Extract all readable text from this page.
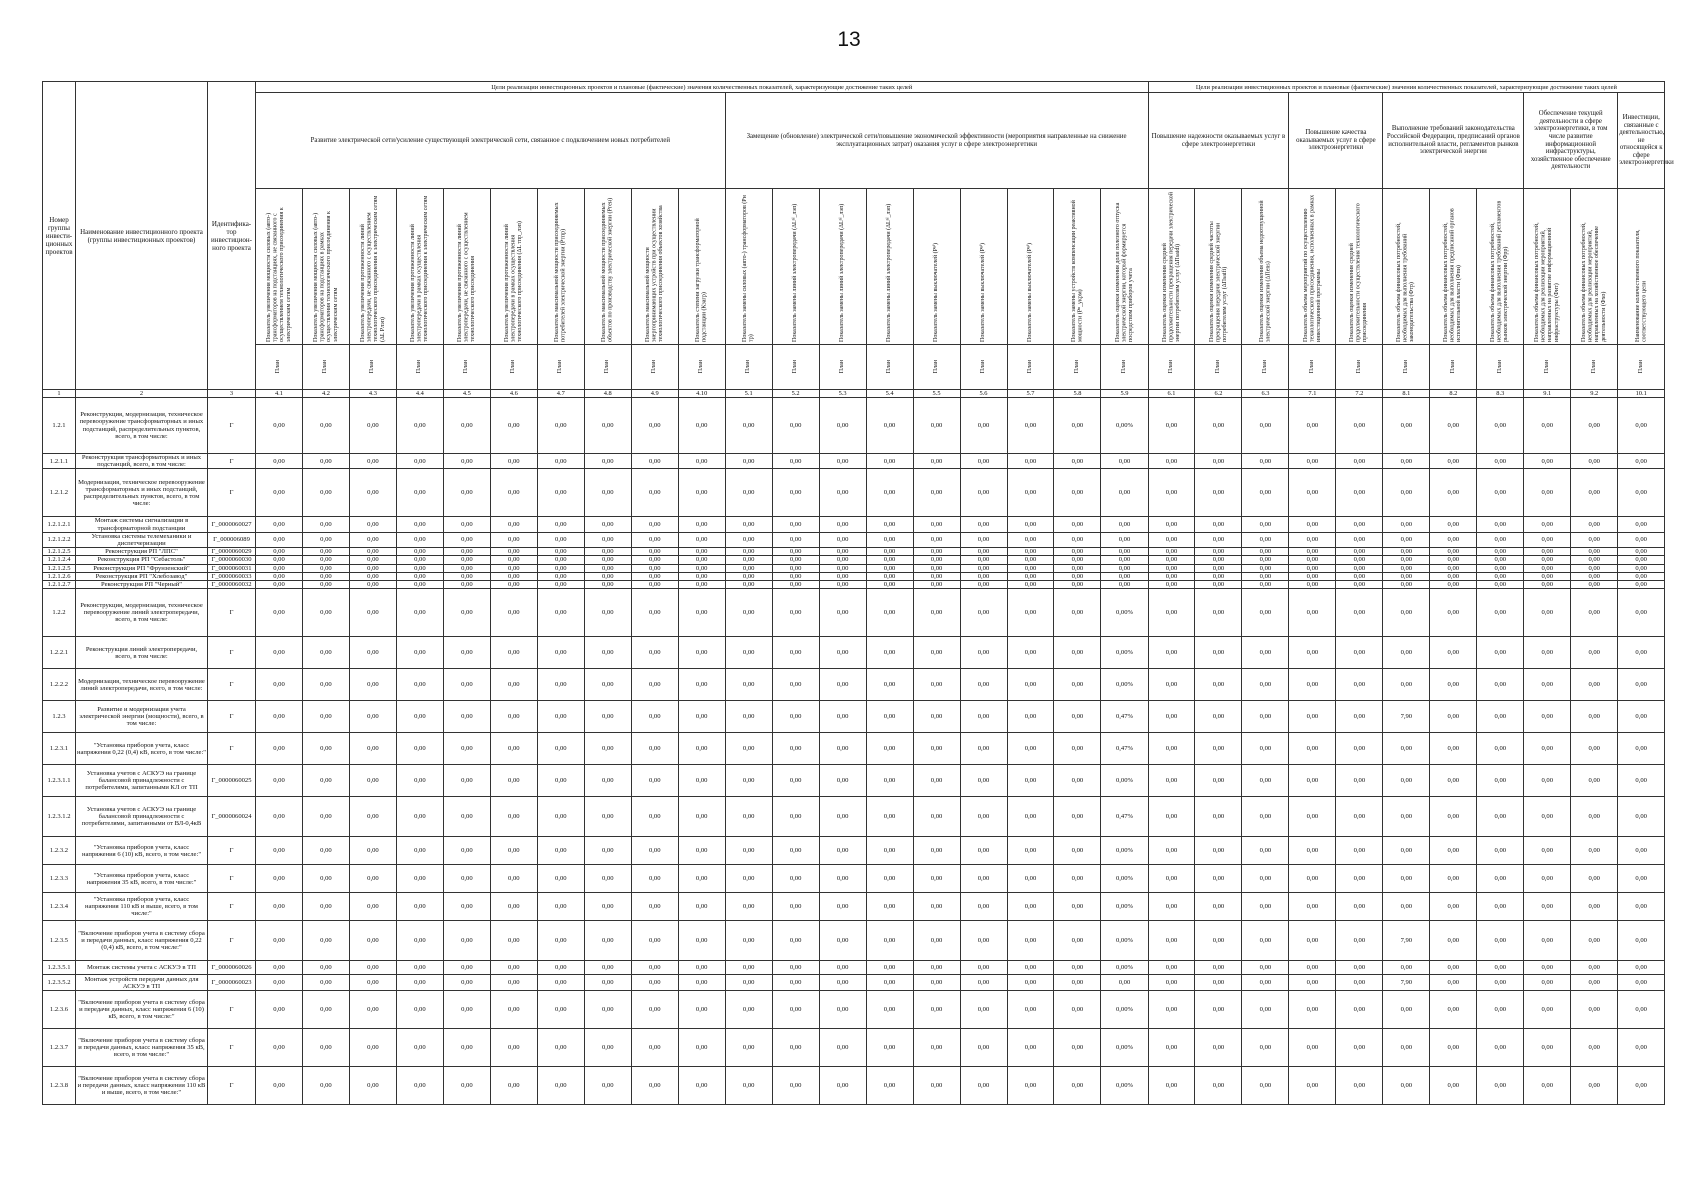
13
Номер группы инвести-ционных проектов	Наименование инвестиционного проекта (группы инвестиционных проектов)	Идентифика-тор инвестицион-ного проекта	Цели реализации инвестиционных проектов и плановые (фактические) значения количественных показателей, характеризующие достижение таких целей																			Цели реализации инвестиционных проектов и плановые (фактические) значения количественных показателей, характеризующие достижение таких целей										
			Развитие электрической сети/усиление существующей электрической сети, связанное с подключением новых потребителей										Замещение (обновление) электрической сети/повышение экономической эффективности (мероприятия направленные на снижение эксплуатационных затрат) оказания услуг в сфере электроэнергетики									Повышение надежности оказываемых услуг в сфере электроэнергетики			Повышение качества оказываемых услуг в сфере электроэнергетики		Выполнение требований законодательства Российской Федерации, предписаний органов исполнительной власти, регламентов рынков электрической энергии			Обеспечение текущей деятельности в сфере электроэнергетики, в том числе развитие информационной инфраструктуры, хозяйственное обеспечение деятельности		Инвестиции, связанные с деятельностью, не относящейся к сфере электроэнергетики

			Показатель увеличения мощности силовых (авто-) трансформаторов на подстанциях, не связанного с осуществлением технологического присоединения к электрическим сетям	Показатель увеличения мощности силовых (авто-) трансформаторов на подстанциях в рамках осуществления технологического присоединения к электрическим сетям	Показатель увеличения протяженности линий электропередачи, не связанного с осуществлением технологического присоединения к электрическим сетям (ΔL Рлэп)	Показатель увеличения протяженности линий электропередачи в рамках осуществления технологического присоединения к электрическим сетям	Показатель увеличения протяженности линий электропередачи, не связанного с осуществлением технологического присоединения	Показатель увеличения протяженности линий электропередачи в рамках осуществления технологического присоединения (ΔL тпр_лэп)	Показатель максимальной мощности присоединяемых потребителей электрической энергии (Ртпр)	Показатель максимальной мощности присоединяемых объектов по производству электрической энергии (Рген)	Показатель максимальной мощности энергопринимающих устройств при осуществлении технологического присоединения объектов хозяйства	Показатель степени загрузки трансформаторной подстанции (Кзагр)	Показатель замены силовых (авто-) трансформаторов (Рн тр)	Показатель замены линий электропередачи (ΔLⁿˡ_лэп)	Показатель замены линий электропередачи (ΔLⁿˡ_лэп)	Показатель замены линий электропередачи (ΔLⁿˡ_лэп)	Показатель замены выключателей (Рⁿⁱ)	Показатель замены выключателей (Рⁿⁱ)	Показатель замены выключателей (Рⁿⁱ)	Показатель замены устройств компенсации реактивной мощности (Рⁿ_укрм)	Показатель оценки изменения доли полезного отпуска электрической энергии, который формируется посредством приборов учета	Показатель оценки изменения средней продолжительности прекращения передачи электрической энергии потребителям услуг (ΔПsaidi)	Показатель оценки изменения средней частоты прекращения передачи электрической энергии потребителям услуг (ΔПsaifi)	Показатель оценки изменения объема недоотпущенной электрической энергии (ΔПens)	Показатель объема мероприятий по осуществлению технологического присоединения, исполненных в рамках инвестиционной программы	Показатель оценки изменения средней продолжительности осуществления технологического присоединения	Показатель объема финансовых потребностей, необходимых для выполнения требований законодательства (Фтр)	Показатель объема финансовых потребностей, необходимых для выполнения предписаний органов исполнительной власти (Фпи)	Показатель объема финансовых потребностей, необходимых для выполнения требований регламентов рынков электрической энергии (Фрр)	Показатель объема финансовых потребностей, необходимых для реализации мероприятий, направленных на развитие информационной инфраструктуры (Фит)	Показатель объема финансовых потребностей, необходимых для реализации мероприятий, направленных на хозяйственное обеспечение деятельности (Фхо)	Наименование количественного показателя, соответствующего цели

			План	План	План	План	План	План	План	План	План	План	План	План	План	План	План	План	План	План	План	План	План	План	План	План	План	План	План	План	План	План

1	2	3	4.1	4.2	4.3	4.4	4.5	4.6	4.7	4.8	4.9	4.10	5.1	5.2	5.3	5.4	5.5	5.6	5.7	5.8	5.9	6.1	6.2	6.3	7.1	7.2	8.1	8.2	8.3	9.1	9.2	10.1
1.2.1	Реконструкция, модернизация, техническое перевооружение трансформаторных и иных подстанций, распределительных пунктов, всего, в том числе:	Г	0,00	0,00	0,00	0,00	0,00	0,00	0,00	0,00	0,00	0,00	0,00	0,00	0,00	0,00	0,00	0,00	0,00	0,00	0,00%	0,00	0,00	0,00	0,00	0,00	0,00	0,00	0,00	0,00	0,00	0,00
1.2.1.1	Реконструкция трансформаторных и иных подстанций, всего, в том числе:	Г	0,00	0,00	0,00	0,00	0,00	0,00	0,00	0,00	0,00	0,00	0,00	0,00	0,00	0,00	0,00	0,00	0,00	0,00	0,00	0,00	0,00	0,00	0,00	0,00	0,00	0,00	0,00	0,00	0,00	0,00
1.2.1.2	Модернизация, техническое перевооружение трансформаторных и иных подстанций, распределительных пунктов, всего, в том числе:	Г	0,00	0,00	0,00	0,00	0,00	0,00	0,00	0,00	0,00	0,00	0,00	0,00	0,00	0,00	0,00	0,00	0,00	0,00	0,00	0,00	0,00	0,00	0,00	0,00	0,00	0,00	0,00	0,00	0,00	0,00
1.2.1.2.1	Монтаж системы сигнализации в трансформаторной подстанции	Г_0000060027	0,00	0,00	0,00	0,00	0,00	0,00	0,00	0,00	0,00	0,00	0,00	0,00	0,00	0,00	0,00	0,00	0,00	0,00	0,00	0,00	0,00	0,00	0,00	0,00	0,00	0,00	0,00	0,00	0,00	0,00
1.2.1.2.2	Установка системы телемеханики и диспетчеризации	Г_000006089	0,00	0,00	0,00	0,00	0,00	0,00	0,00	0,00	0,00	0,00	0,00	0,00	0,00	0,00	0,00	0,00	0,00	0,00	0,00	0,00	0,00	0,00	0,00	0,00	0,00	0,00	0,00	0,00	0,00	0,00
1.2.1.2.5	Реконструкция РП "ЛПС"	Г_0000060029	0,00	0,00	0,00	0,00	0,00	0,00	0,00	0,00	0,00	0,00	0,00	0,00	0,00	0,00	0,00	0,00	0,00	0,00	0,00	0,00	0,00	0,00	0,00	0,00	0,00	0,00	0,00	0,00	0,00	0,00
1.2.1.2.4	Реконструкция РП "Себастоль"	Г_0000060030	0,00	0,00	0,00	0,00	0,00	0,00	0,00	0,00	0,00	0,00	0,00	0,00	0,00	0,00	0,00	0,00	0,00	0,00	0,00	0,00	0,00	0,00	0,00	0,00	0,00	0,00	0,00	0,00	0,00	0,00
1.2.1.2.5	Реконструкция РП "Фрунзенский"	Г_0000060031	0,00	0,00	0,00	0,00	0,00	0,00	0,00	0,00	0,00	0,00	0,00	0,00	0,00	0,00	0,00	0,00	0,00	0,00	0,00	0,00	0,00	0,00	0,00	0,00	0,00	0,00	0,00	0,00	0,00	0,00
1.2.1.2.6	Реконструкция РП "Хлебозавод"	Г_0000060033	0,00	0,00	0,00	0,00	0,00	0,00	0,00	0,00	0,00	0,00	0,00	0,00	0,00	0,00	0,00	0,00	0,00	0,00	0,00	0,00	0,00	0,00	0,00	0,00	0,00	0,00	0,00	0,00	0,00	0,00
1.2.1.2.7	Реконструкция РП "Черный"	Г_0000060032	0,00	0,00	0,00	0,00	0,00	0,00	0,00	0,00	0,00	0,00	0,00	0,00	0,00	0,00	0,00	0,00	0,00	0,00	0,00	0,00	0,00	0,00	0,00	0,00	0,00	0,00	0,00	0,00	0,00	0,00
1.2.2	Реконструкция, модернизация, техническое перевооружение линий электропередачи, всего, в том числе:	Г	0,00	0,00	0,00	0,00	0,00	0,00	0,00	0,00	0,00	0,00	0,00	0,00	0,00	0,00	0,00	0,00	0,00	0,00	0,00%	0,00	0,00	0,00	0,00	0,00	0,00	0,00	0,00	0,00	0,00	0,00
1.2.2.1	Реконструкция линий электропередачи, всего, в том числе:	Г	0,00	0,00	0,00	0,00	0,00	0,00	0,00	0,00	0,00	0,00	0,00	0,00	0,00	0,00	0,00	0,00	0,00	0,00	0,00%	0,00	0,00	0,00	0,00	0,00	0,00	0,00	0,00	0,00	0,00	0,00
1.2.2.2	Модернизация, техническое перевооружение линий электропередачи, всего, в том числе:	Г	0,00	0,00	0,00	0,00	0,00	0,00	0,00	0,00	0,00	0,00	0,00	0,00	0,00	0,00	0,00	0,00	0,00	0,00	0,00%	0,00	0,00	0,00	0,00	0,00	0,00	0,00	0,00	0,00	0,00	0,00
1.2.3	Развитие и модернизация учета электрической энергии (мощности), всего, в том числе:	Г	0,00	0,00	0,00	0,00	0,00	0,00	0,00	0,00	0,00	0,00	0,00	0,00	0,00	0,00	0,00	0,00	0,00	0,00	0,47%	0,00	0,00	0,00	0,00	0,00	7,90	0,00	0,00	0,00	0,00	0,00
1.2.3.1	"Установка приборов учета, класс напряжения 0,22 (0,4) кВ, всего, в том числе:"	Г	0,00	0,00	0,00	0,00	0,00	0,00	0,00	0,00	0,00	0,00	0,00	0,00	0,00	0,00	0,00	0,00	0,00	0,00	0,47%	0,00	0,00	0,00	0,00	0,00	0,00	0,00	0,00	0,00	0,00	0,00
1.2.3.1.1	Установка учетов с АСКУЭ на границе балансовой принадлежности с потребителями, запитанными КЛ от ТП	Г_0000060025	0,00	0,00	0,00	0,00	0,00	0,00	0,00	0,00	0,00	0,00	0,00	0,00	0,00	0,00	0,00	0,00	0,00	0,00	0,00%	0,00	0,00	0,00	0,00	0,00	0,00	0,00	0,00	0,00	0,00	0,00
1.2.3.1.2	Установка учетов с АСКУЭ на границе балансовой принадлежности с потребителями, запитанными от ВЛ-0,4кВ	Г_0000060024	0,00	0,00	0,00	0,00	0,00	0,00	0,00	0,00	0,00	0,00	0,00	0,00	0,00	0,00	0,00	0,00	0,00	0,00	0,47%	0,00	0,00	0,00	0,00	0,00	0,00	0,00	0,00	0,00	0,00	0,00
1.2.3.2	"Установка приборов учета, класс напряжения 6 (10) кВ, всего, в том числе:"	Г	0,00	0,00	0,00	0,00	0,00	0,00	0,00	0,00	0,00	0,00	0,00	0,00	0,00	0,00	0,00	0,00	0,00	0,00	0,00%	0,00	0,00	0,00	0,00	0,00	0,00	0,00	0,00	0,00	0,00	0,00
1.2.3.3	"Установка приборов учета, класс напряжения 35 кВ, всего, в том числе:"	Г	0,00	0,00	0,00	0,00	0,00	0,00	0,00	0,00	0,00	0,00	0,00	0,00	0,00	0,00	0,00	0,00	0,00	0,00	0,00%	0,00	0,00	0,00	0,00	0,00	0,00	0,00	0,00	0,00	0,00	0,00
1.2.3.4	"Установка приборов учета, класс напряжения 110 кВ и выше, всего, в том числе:"	Г	0,00	0,00	0,00	0,00	0,00	0,00	0,00	0,00	0,00	0,00	0,00	0,00	0,00	0,00	0,00	0,00	0,00	0,00	0,00%	0,00	0,00	0,00	0,00	0,00	0,00	0,00	0,00	0,00	0,00	0,00
1.2.3.5	"Включение приборов учета в систему сбора и передачи данных, класс напряжения 0,22 (0,4) кВ, всего, в том числе:"	Г	0,00	0,00	0,00	0,00	0,00	0,00	0,00	0,00	0,00	0,00	0,00	0,00	0,00	0,00	0,00	0,00	0,00	0,00	0,00%	0,00	0,00	0,00	0,00	0,00	7,90	0,00	0,00	0,00	0,00	0,00
1.2.3.5.1	Монтаж системы учета с АСКУЭ в ТП	Г_0000060026	0,00	0,00	0,00	0,00	0,00	0,00	0,00	0,00	0,00	0,00	0,00	0,00	0,00	0,00	0,00	0,00	0,00	0,00	0,00%	0,00	0,00	0,00	0,00	0,00	0,00	0,00	0,00	0,00	0,00	0,00
1.2.3.5.2	Монтаж устройств передачи данных для АСКУЭ в ТП	Г_0000060023	0,00	0,00	0,00	0,00	0,00	0,00	0,00	0,00	0,00	0,00	0,00	0,00	0,00	0,00	0,00	0,00	0,00	0,00	0,00	0,00	0,00	0,00	0,00	0,00	7,90	0,00	0,00	0,00	0,00	0,00
1.2.3.6	"Включение приборов учета в систему сбора и передачи данных, класс напряжения 6 (10) кВ, всего, в том числе:"	Г	0,00	0,00	0,00	0,00	0,00	0,00	0,00	0,00	0,00	0,00	0,00	0,00	0,00	0,00	0,00	0,00	0,00	0,00	0,00%	0,00	0,00	0,00	0,00	0,00	0,00	0,00	0,00	0,00	0,00	0,00
1.2.3.7	"Включение приборов учета в систему сбора и передачи данных, класс напряжения 35 кВ, всего, в том числе:"	Г	0,00	0,00	0,00	0,00	0,00	0,00	0,00	0,00	0,00	0,00	0,00	0,00	0,00	0,00	0,00	0,00	0,00	0,00	0,00%	0,00	0,00	0,00	0,00	0,00	0,00	0,00	0,00	0,00	0,00	0,00
1.2.3.8	"Включение приборов учета в систему сбора и передачи данных, класс напряжения 110 кВ и выше, всего, в том числе:"	Г	0,00	0,00	0,00	0,00	0,00	0,00	0,00	0,00	0,00	0,00	0,00	0,00	0,00	0,00	0,00	0,00	0,00	0,00	0,00%	0,00	0,00	0,00	0,00	0,00	0,00	0,00	0,00	0,00	0,00	0,00
